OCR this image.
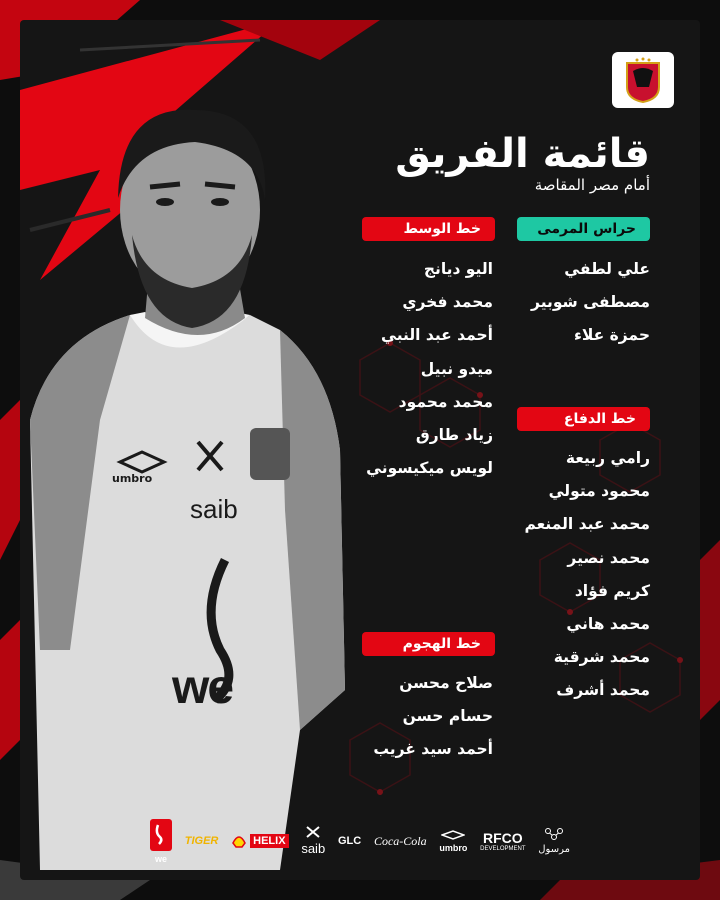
umbro
saib
we
قائمة الفريق
أمام مصر المقاصة
حراس المرمى
علي لطفي
مصطفى شوبير
حمزة علاء
خط الوسط
اليو ديانج
محمد فخري
أحمد عبد النبي
ميدو نبيل
محمد محمود
زياد طارق
لويس ميكيسوني
خط الدفاع
رامي ربيعة
محمود متولي
محمد عبد المنعم
محمد نصير
كريم فؤاد
محمد هاني
محمد شرقية
محمد أشرف
خط الهجوم
صلاح محسن
حسام حسن
أحمد سيد غريب
we
TIGER	HELIX saib GLC Coca-Cola umbro
RFCO
DEVELOPMENT مرسول
